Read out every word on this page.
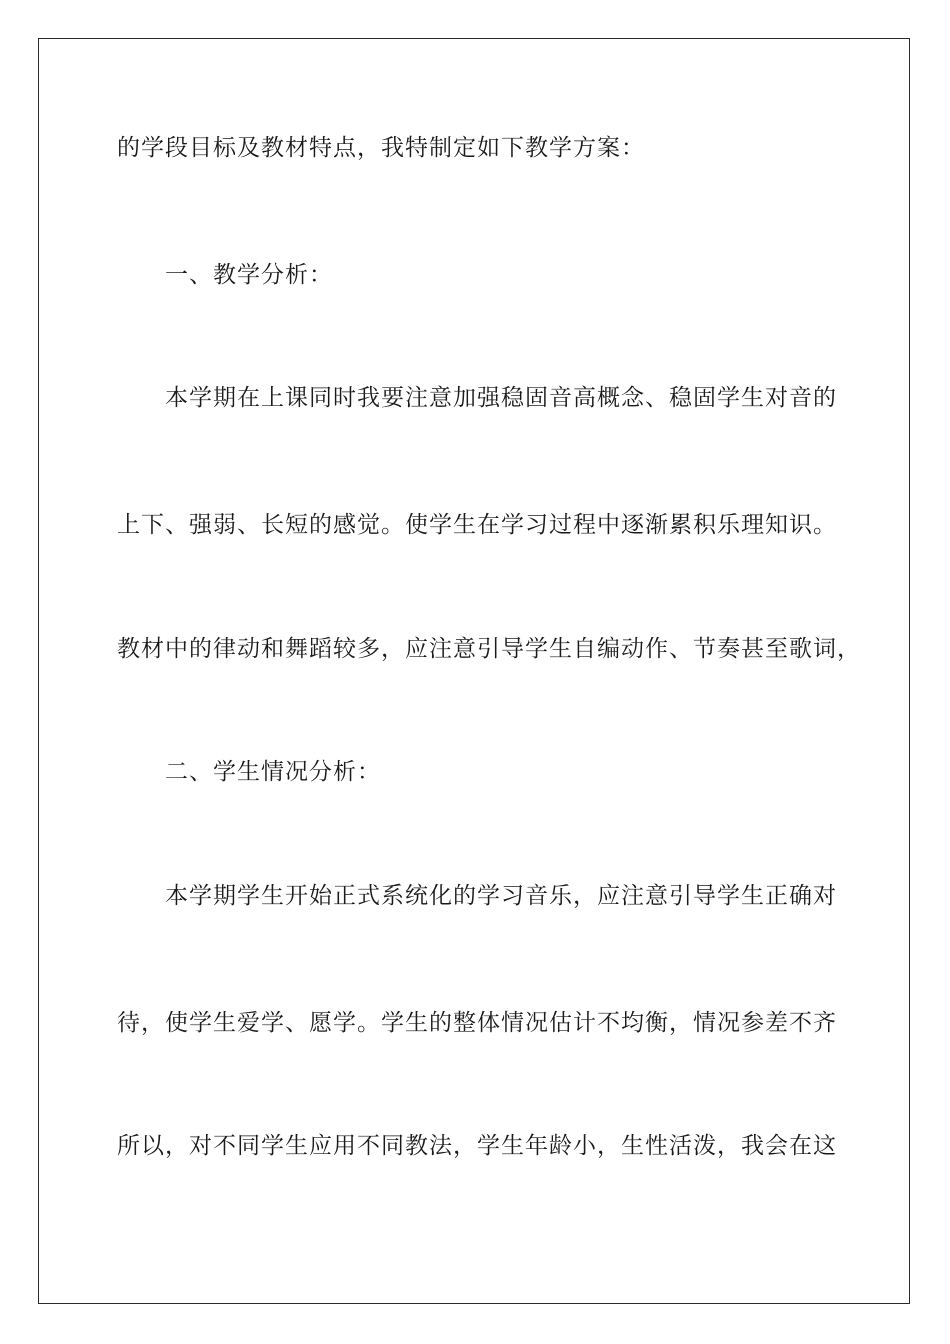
的学段目标及教材特点，我特制定如下教学方案：
一、教学分析：
本学期在上课同时我要注意加强稳固音高概念、稳固学生对音的
上下、强弱、长短的感觉。使学生在学习过程中逐渐累积乐理知识。
教材中的律动和舞蹈较多，应注意引导学生自编动作、节奏甚至歌词，
二、学生情况分析：
本学期学生开始正式系统化的学习音乐，应注意引导学生正确对
待，使学生爱学、愿学。学生的整体情况估计不均衡，情况参差不齐
所以，对不同学生应用不同教法，学生年龄小，生性活泼，我会在这
